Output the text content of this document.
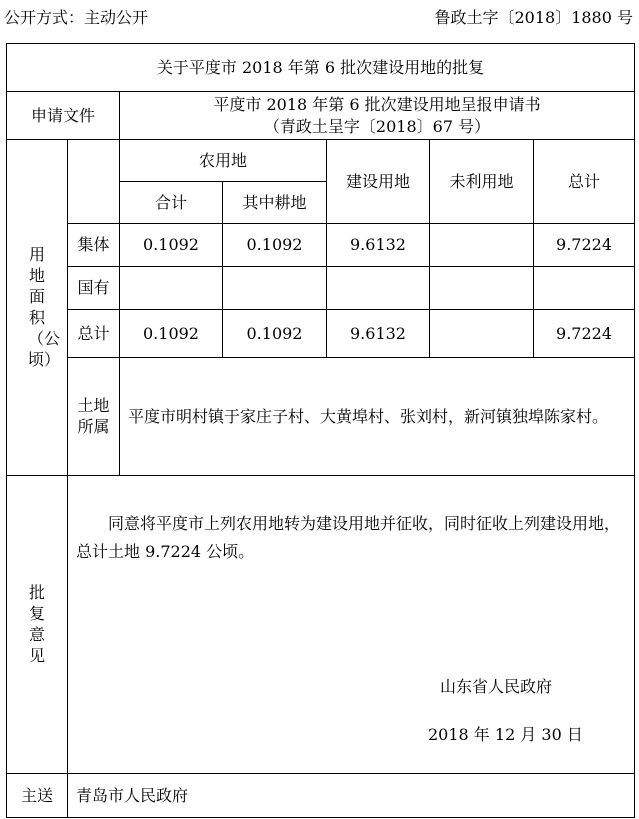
公开方式：主动公开	鲁政土字〔2018〕1880 号
关于平度市 2018 年第 6 批次建设用地的批复						
申请文件		平度市 2018 年第 6 批次建设用地呈报申请书
（青政土呈字〔2018〕67 号）				

用地面积（公顷）		农用地		建设用地	未利用地	总计
		合计	其中耕地			
	集体	0.1092	0.1092	9.6132		9.7224
	国有					
	总计	0.1092	0.1092	9.6132		9.7224
	土地所属	平度市明村镇于家庄子村、大黄埠村、张刘村，新河镇独埠陈家村。				
批复意见	同意将平度市上列农用地转为建设用地并征收，同时征收上列建设用地，总计土地 9.7224 公顷。
山东省人民政府
2018 年 12 月 30 日					

主送	青岛市人民政府					
